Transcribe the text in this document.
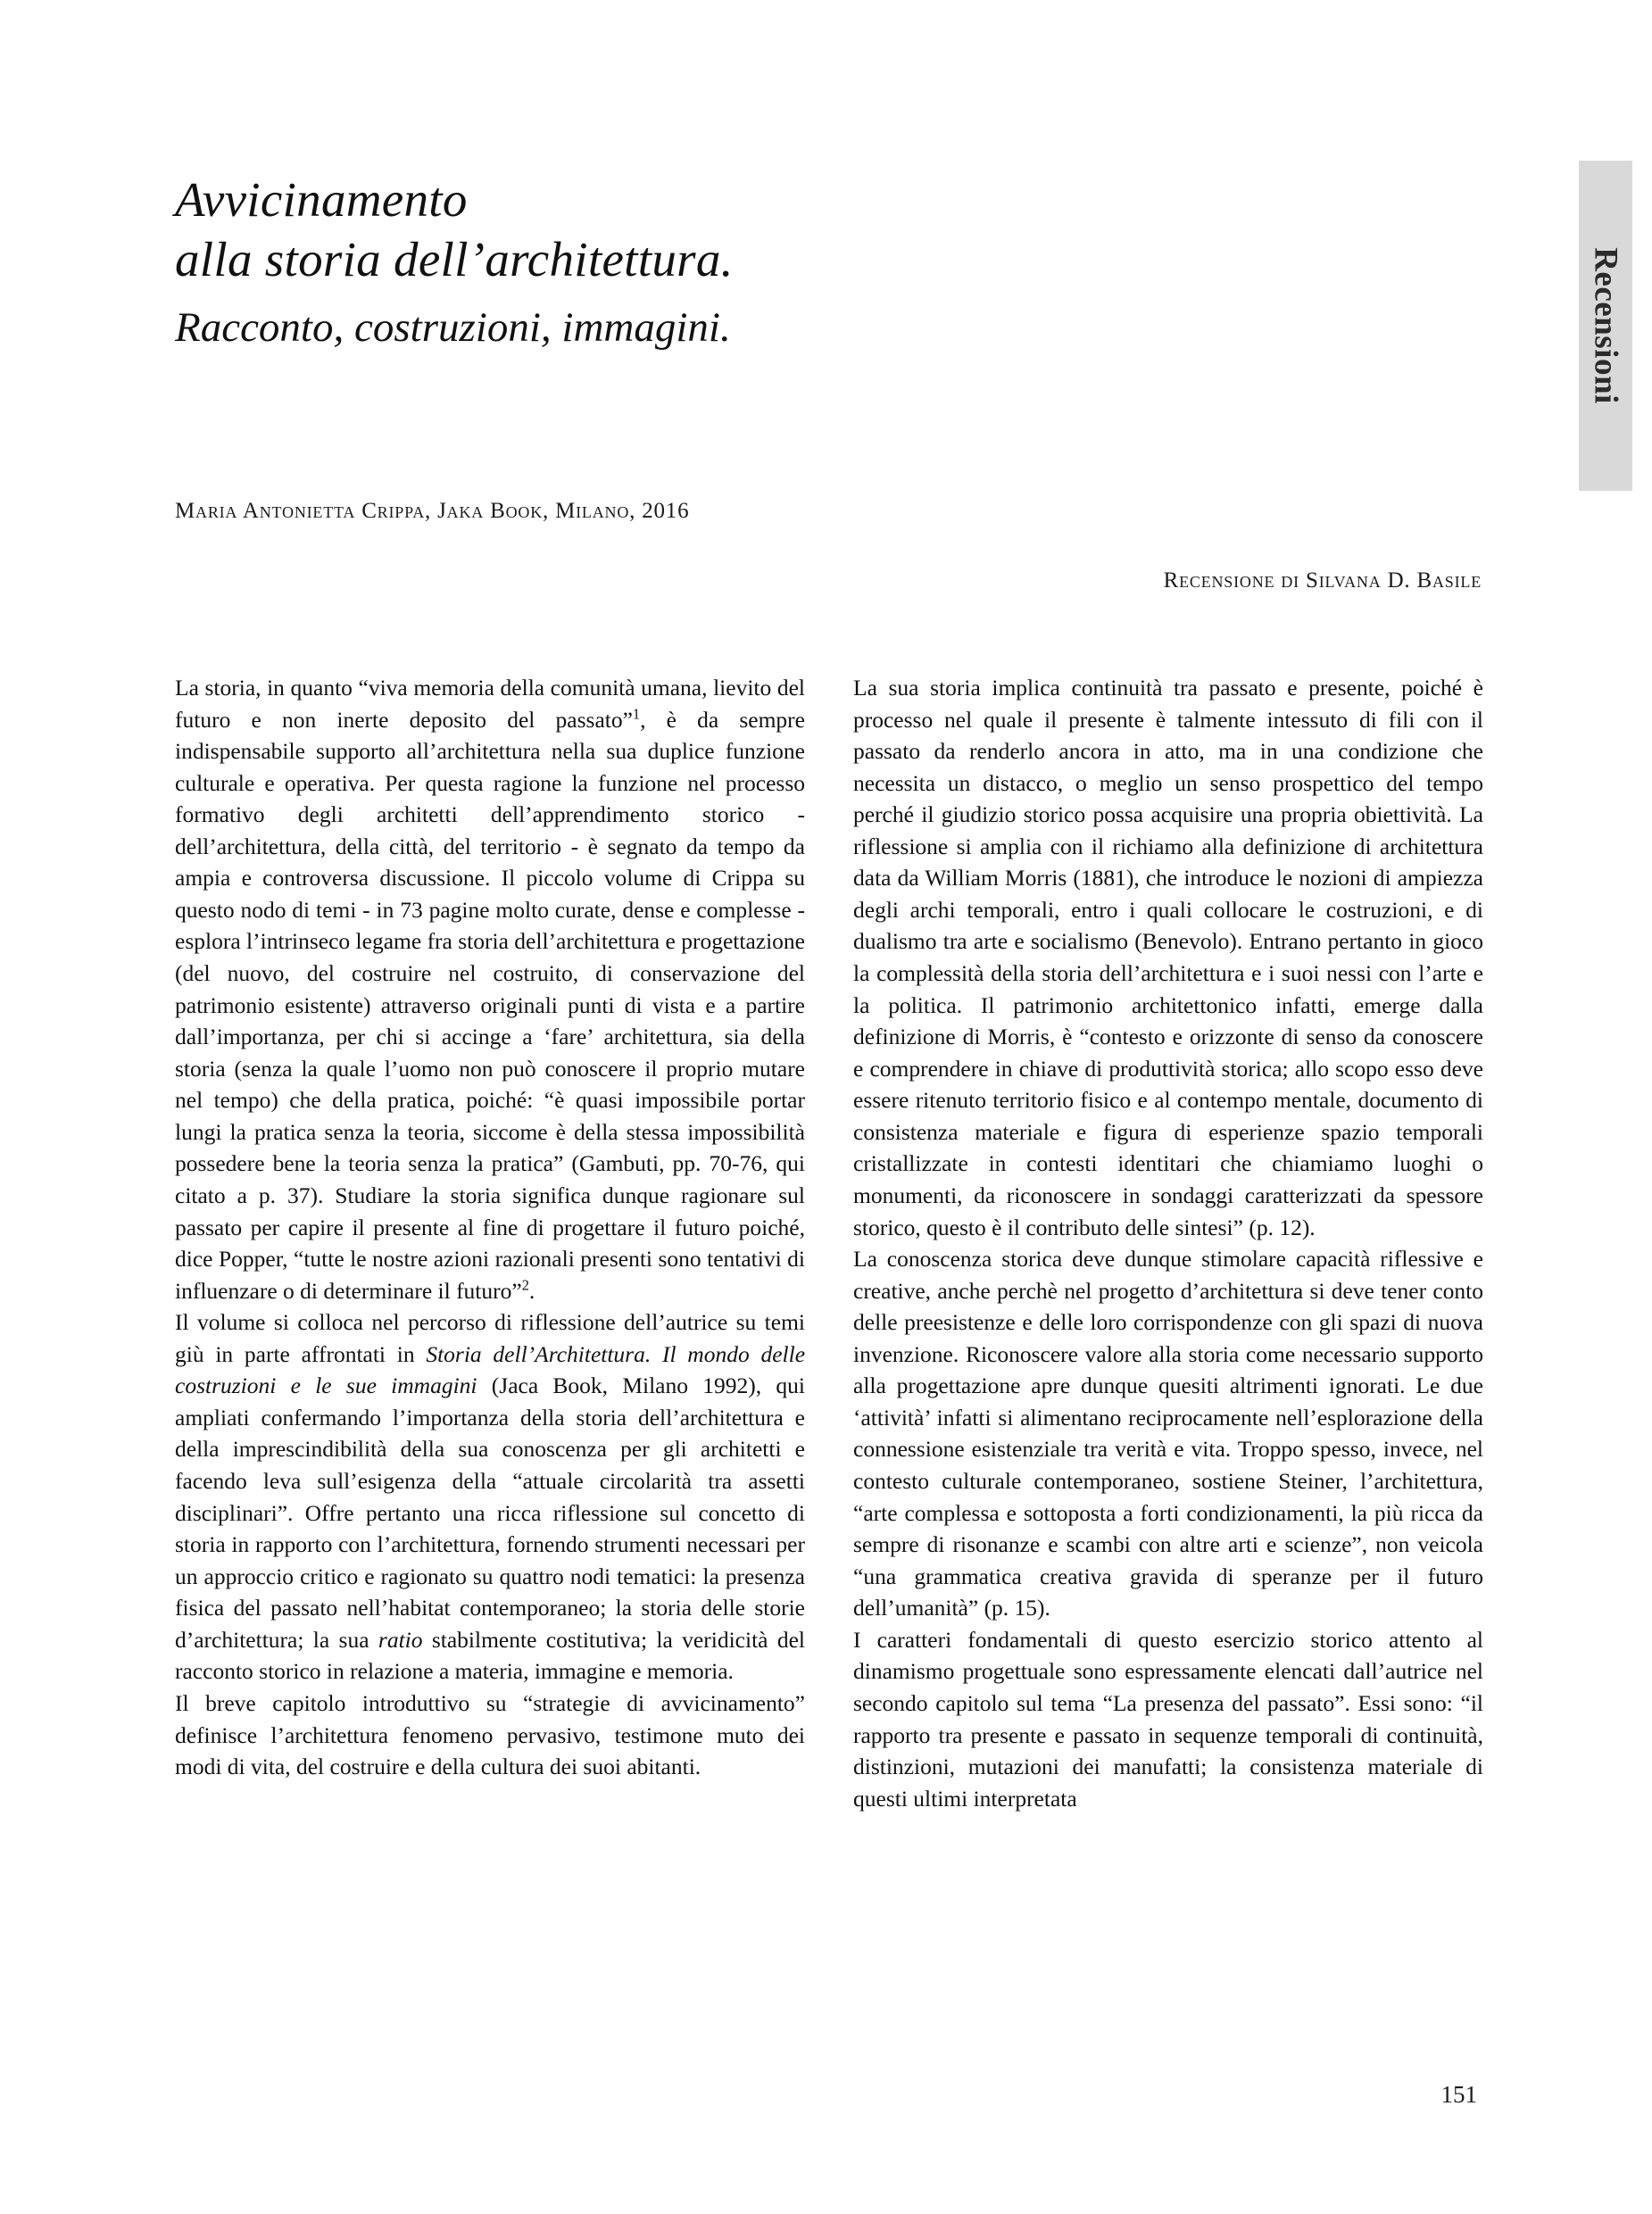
Recensioni
Avvicinamento
alla storia dell’architettura.
Racconto, costruzioni, immagini.
Maria Antonietta Crippa, Jaka Book, Milano, 2016
Recensione di Silvana D. Basile

La storia, in quanto “viva memoria della comunità umana, lievito del futuro e non inerte deposito del passato”$^1$, è da sempre indispensabile supporto all’architettura nella sua duplice funzione culturale e operativa. Per questa ragione la funzione nel processo formativo degli architetti dell’apprendimento storico - dell’architettura, della città, del territorio - è segnato da tempo da ampia e controversa discussione. Il piccolo volume di Crippa su questo nodo di temi - in 73 pagine molto curate, dense e complesse - esplora l’intrinseco legame fra storia dell’architettura e progettazione (del nuovo, del costruire nel costruito, di conservazione del patrimonio esistente) attraverso originali punti di vista e a partire dall’importanza, per chi si accinge a ‘fare’ architettura, sia della storia (senza la quale l’uomo non può conoscere il proprio mutare nel tempo) che della pratica, poiché: “è quasi impossibile portar lungi la pratica senza la teoria, siccome è della stessa impossibilità possedere bene la teoria senza la pratica” (Gambuti, pp. 70-76, qui citato a p. 37). Studiare la storia significa dunque ragionare sul passato per capire il presente al fine di progettare il futuro poiché, dice Popper, “tutte le nostre azioni razionali presenti sono tentativi di influenzare o di determinare il futuro”$^2$.

Il volume si colloca nel percorso di riflessione dell’autrice su temi giù in parte affrontati in Storia dell’Architettura. Il mondo delle costruzioni e le sue immagini (Jaca Book, Milano 1992), qui ampliati confermando l’importanza della storia dell’architettura e della imprescindibilità della sua conoscenza per gli architetti e facendo leva sull’esigenza della “attuale circolarità tra assetti disciplinari”. Offre pertanto una ricca riflessione sul concetto di storia in rapporto con l’architettura, fornendo strumenti necessari per un approccio critico e ragionato su quattro nodi tematici: la presenza fisica del passato nell’habitat contemporaneo; la storia delle storie d’architettura; la sua ratio stabilmente costitutiva; la veridicità del racconto storico in relazione a materia, immagine e memoria.

Il breve capitolo introduttivo su “strategie di avvicinamento” definisce l’architettura fenomeno pervasivo, testimone muto dei modi di vita, del costruire e della cultura dei suoi abitanti.

La sua storia implica continuità tra passato e presente, poiché è processo nel quale il presente è talmente intessuto di fili con il passato da renderlo ancora in atto, ma in una condizione che necessita un distacco, o meglio un senso prospettico del tempo perché il giudizio storico possa acquisire una propria obiettività. La riflessione si amplia con il richiamo alla definizione di architettura data da William Morris (1881), che introduce le nozioni di ampiezza degli archi temporali, entro i quali collocare le costruzioni, e di dualismo tra arte e socialismo (Benevolo). Entrano pertanto in gioco la complessità della storia dell’architettura e i suoi nessi con l’arte e la politica. Il patrimonio architettonico infatti, emerge dalla definizione di Morris, è “contesto e orizzonte di senso da conoscere e comprendere in chiave di produttività storica; allo scopo esso deve essere ritenuto territorio fisico e al contempo mentale, documento di consistenza materiale e figura di esperienze spazio temporali cristallizzate in contesti identitari che chiamiamo luoghi o monumenti, da riconoscere in sondaggi caratterizzati da spessore storico, questo è il contributo delle sintesi” (p. 12).

La conoscenza storica deve dunque stimolare capacità riflessive e creative, anche perchè nel progetto d’architettura si deve tener conto delle preesistenze e delle loro corrispondenze con gli spazi di nuova invenzione. Riconoscere valore alla storia come necessario supporto alla progettazione apre dunque quesiti altrimenti ignorati. Le due ‘attività’ infatti si alimentano reciprocamente nell’esplorazione della connessione esistenziale tra verità e vita. Troppo spesso, invece, nel contesto culturale contemporaneo, sostiene Steiner, l’architettura, “arte complessa e sottoposta a forti condizionamenti, la più ricca da sempre di risonanze e scambi con altre arti e scienze”, non veicola “una grammatica creativa gravida di speranze per il futuro dell’umanità” (p. 15).

I caratteri fondamentali di questo esercizio storico attento al dinamismo progettuale sono espressamente elencati dall’autrice nel secondo capitolo sul tema “La presenza del passato”. Essi sono: “il rapporto tra presente e passato in sequenze temporali di continuità, distinzioni, mutazioni dei manufatti; la consistenza materiale di questi ultimi interpretata

151
